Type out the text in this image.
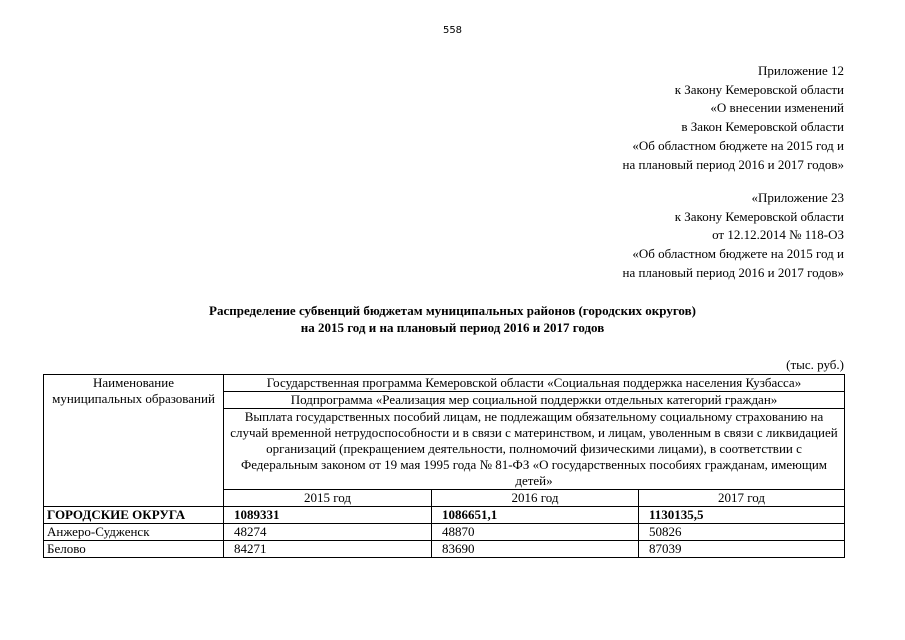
558
Приложение 12
к Закону Кемеровской области
«О внесении изменений
в Закон Кемеровской области
«Об областном бюджете на 2015 год и
на плановый период 2016 и 2017 годов»
«Приложение 23
к Закону Кемеровской области
от 12.12.2014 № 118-ОЗ
«Об областном бюджете на 2015 год и
на плановый период 2016 и 2017 годов»
Распределение субвенций бюджетам муниципальных районов (городских округов)
на 2015 год и на плановый период 2016 и 2017 годов
(тыс. руб.)
Наименование муниципальных образований	Государственная программа Кемеровской области «Социальная поддержка населения Кузбасса»		
	Подпрограмма «Реализация мер социальной поддержки отдельных категорий граждан»		
	Выплата государственных пособий лицам, не подлежащим обязательному социальному страхованию на случай временной нетрудоспособности и в связи с материнством, и лицам, уволенным в связи с ликвидацией организаций (прекращением деятельности, полномочий физическими лицами), в соответствии с Федеральным законом от 19 мая 1995 года № 81-ФЗ «О государственных пособиях гражданам, имеющим детей»		
	2015 год	2016 год	2017 год
ГОРОДСКИЕ ОКРУГА	1089331	1086651,1	1130135,5
Анжеро-Судженск	48274	48870	50826
Белово	84271	83690	87039
